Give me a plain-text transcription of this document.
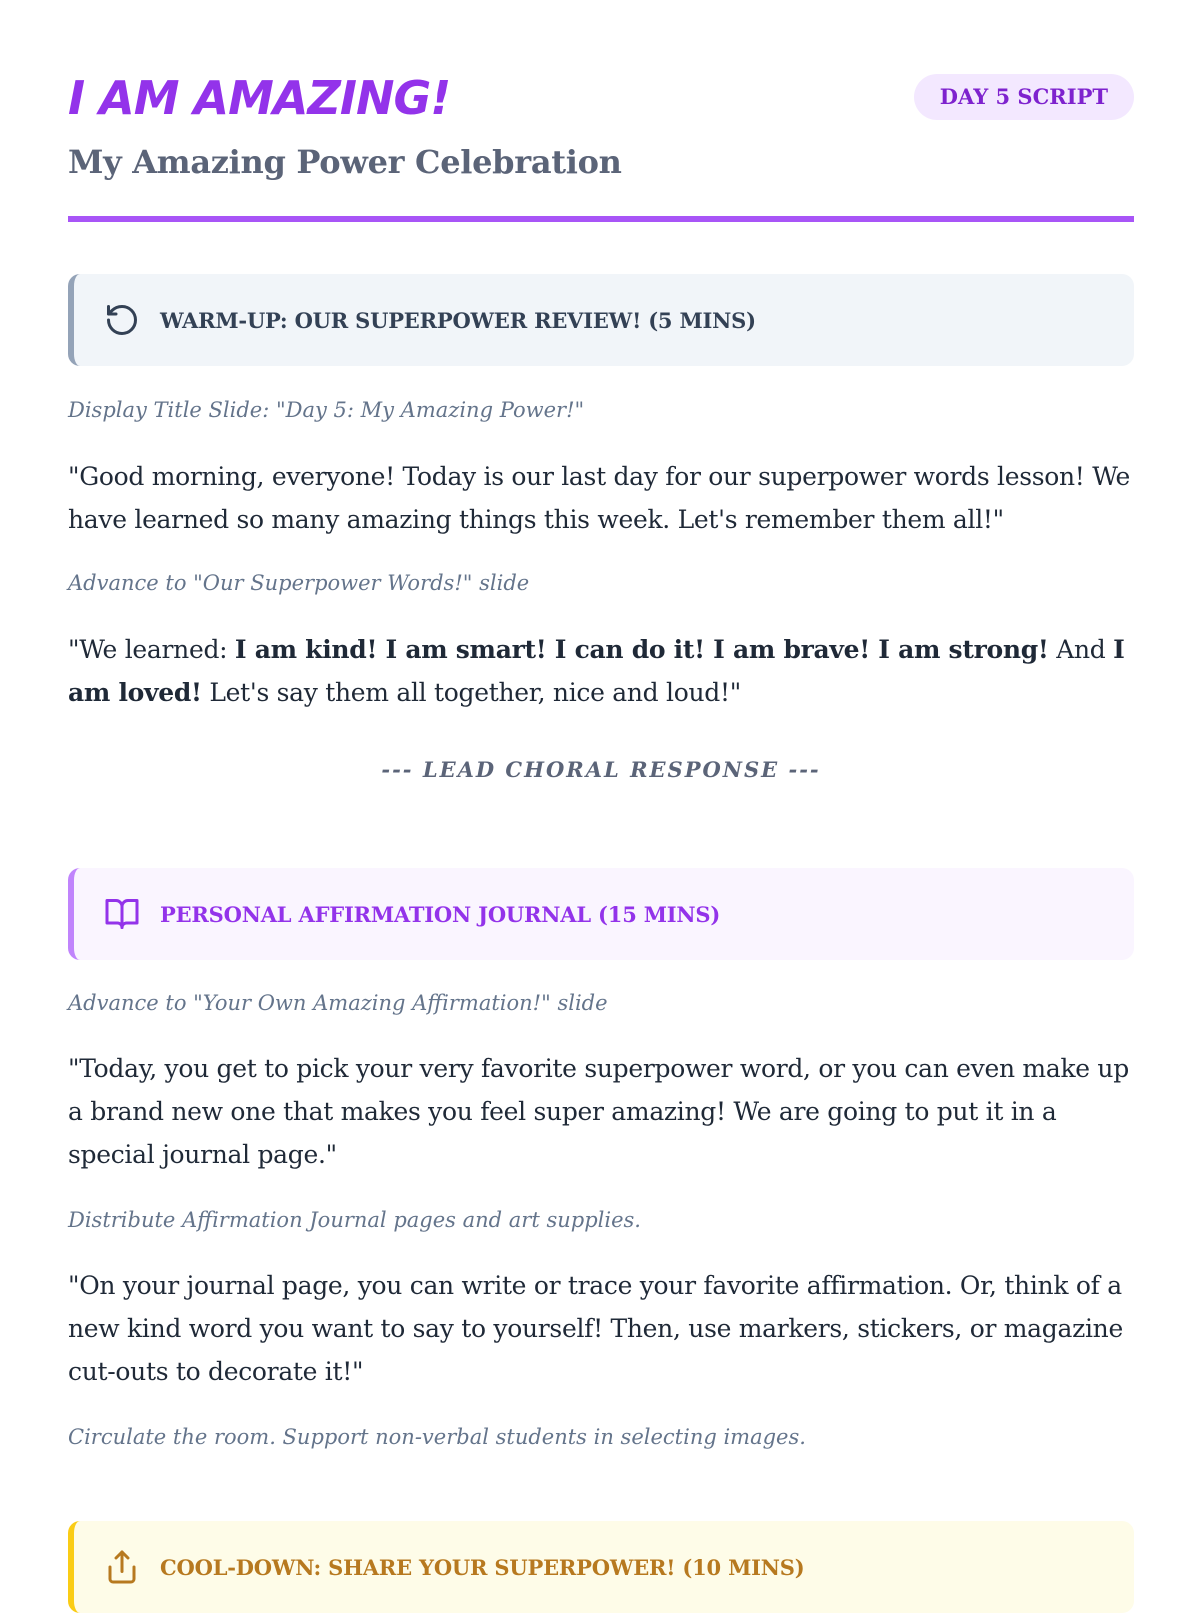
I AM AMAZING!	DAY 5 SCRIPT
My Amazing Power Celebration
WARM-UP: OUR SUPERPOWER REVIEW! (5 MINS)

Display Title Slide: "Day 5: My Amazing Power!"

"Good morning, everyone! Today is our last day for our superpower words lesson! We have learned so many amazing things this week. Let's remember them all!"

Advance to "Our Superpower Words!" slide

"We learned: I am kind! I am smart! I can do it! I am brave! I am strong! And I am loved! Let's say them all together, nice and loud!"

--- LEAD CHORAL RESPONSE ---

PERSONAL AFFIRMATION JOURNAL (15 MINS)

Advance to "Your Own Amazing Affirmation!" slide

"Today, you get to pick your very favorite superpower word, or you can even make up a brand new one that makes you feel super amazing! We are going to put it in a special journal page."

Distribute Affirmation Journal pages and art supplies.

"On your journal page, you can write or trace your favorite affirmation. Or, think of a new kind word you want to say to yourself! Then, use markers, stickers, or magazine cut-outs to decorate it!"

Circulate the room. Support non-verbal students in selecting images.

COOL-DOWN: SHARE YOUR SUPERPOWER! (10 MINS)
